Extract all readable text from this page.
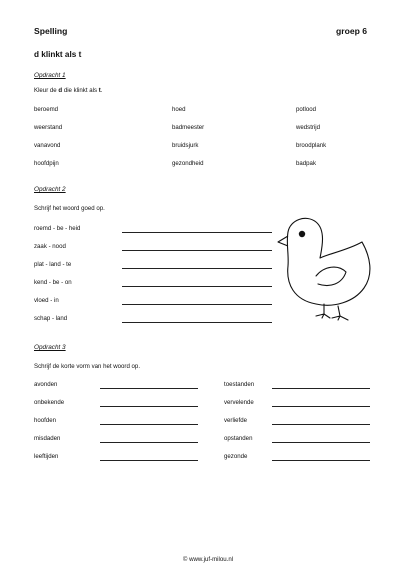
Spelling	groep 6
d klinkt als t
Opdracht 1
Kleur de d die klinkt als t.
beroemd	hoed	potlood
weerstand	badmeester	wedstrijd
vanavond	bruidsjurk	broodplank
hoofdpijn	gezondheid	badpak
Opdracht 2
Schrijf het woord goed op.
roemd - be - heid
zaak - nood
plat - land - te
kend - be - on
vloed - in
schap - land
Opdracht 3
Schrijf de korte vorm van het woord op.
avonden	toestanden
onbekende	vervelende
hoofden	verliefde
misdaden	opstanden
leeftijden	gezonde
© www.juf-milou.nl
